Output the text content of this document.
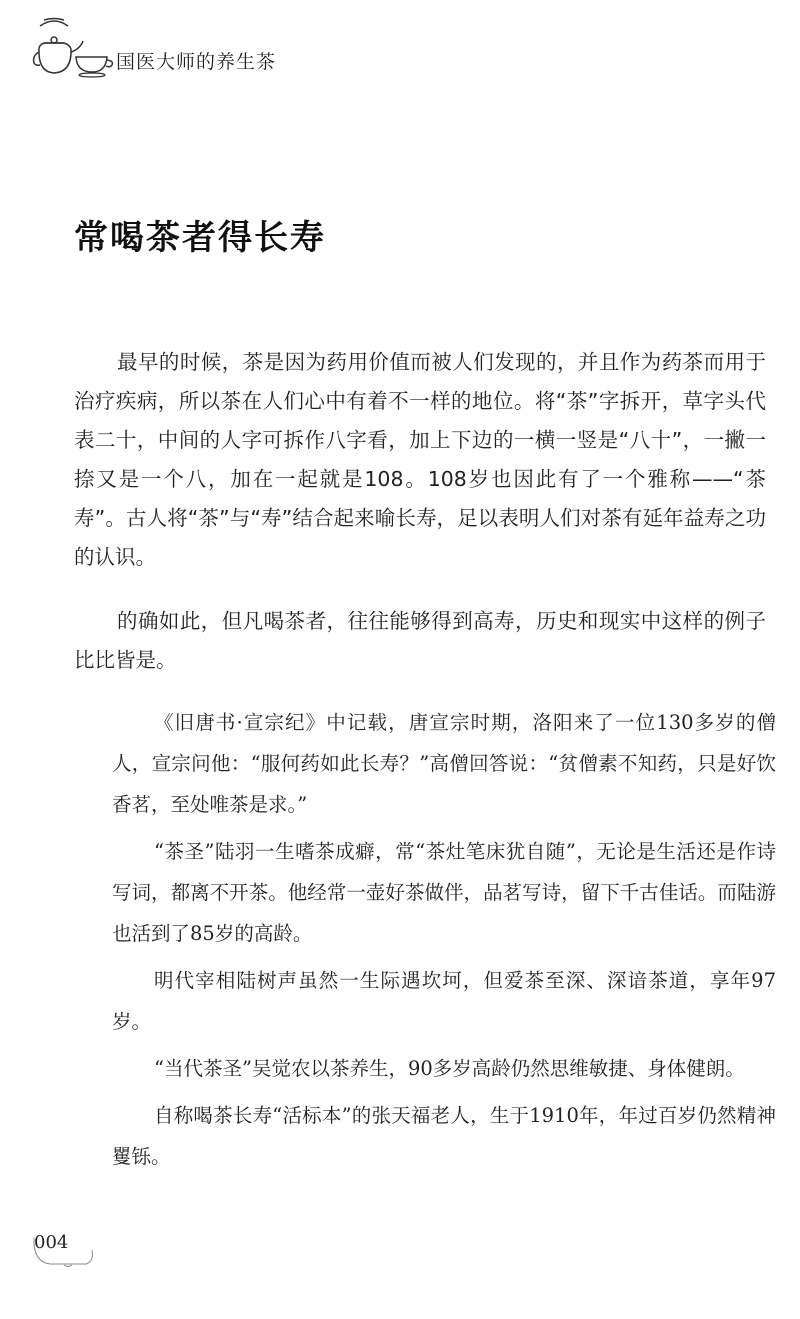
国医大师的养生茶
常喝茶者得长寿

最早的时候，茶是因为药用价值而被人们发现的，并且作为药茶而用于治疗疾病，所以茶在人们心中有着不一样的地位。将“茶”字拆开，草字头代表二十，中间的人字可拆作八字看，加上下边的一横一竖是“八十”，一撇一捺又是一个八，加在一起就是108。108岁也因此有了一个雅称——“茶寿”。古人将“茶”与“寿”结合起来喻长寿，足以表明人们对茶有延年益寿之功的认识。

的确如此，但凡喝茶者，往往能够得到高寿，历史和现实中这样的例子比比皆是。

《旧唐书·宣宗纪》中记载，唐宣宗时期，洛阳来了一位130多岁的僧人，宣宗问他：“服何药如此长寿？”高僧回答说：“贫僧素不知药，只是好饮香茗，至处唯茶是求。”

“茶圣”陆羽一生嗜茶成癖，常“茶灶笔床犹自随”，无论是生活还是作诗写词，都离不开茶。他经常一壶好茶做伴，品茗写诗，留下千古佳话。而陆游也活到了85岁的高龄。

明代宰相陆树声虽然一生际遇坎坷，但爱茶至深、深谙茶道，享年97岁。

“当代茶圣”吴觉农以茶养生，90多岁高龄仍然思维敏捷、身体健朗。

自称喝茶长寿“活标本”的张天福老人，生于1910年，年过百岁仍然精神矍铄。

004
